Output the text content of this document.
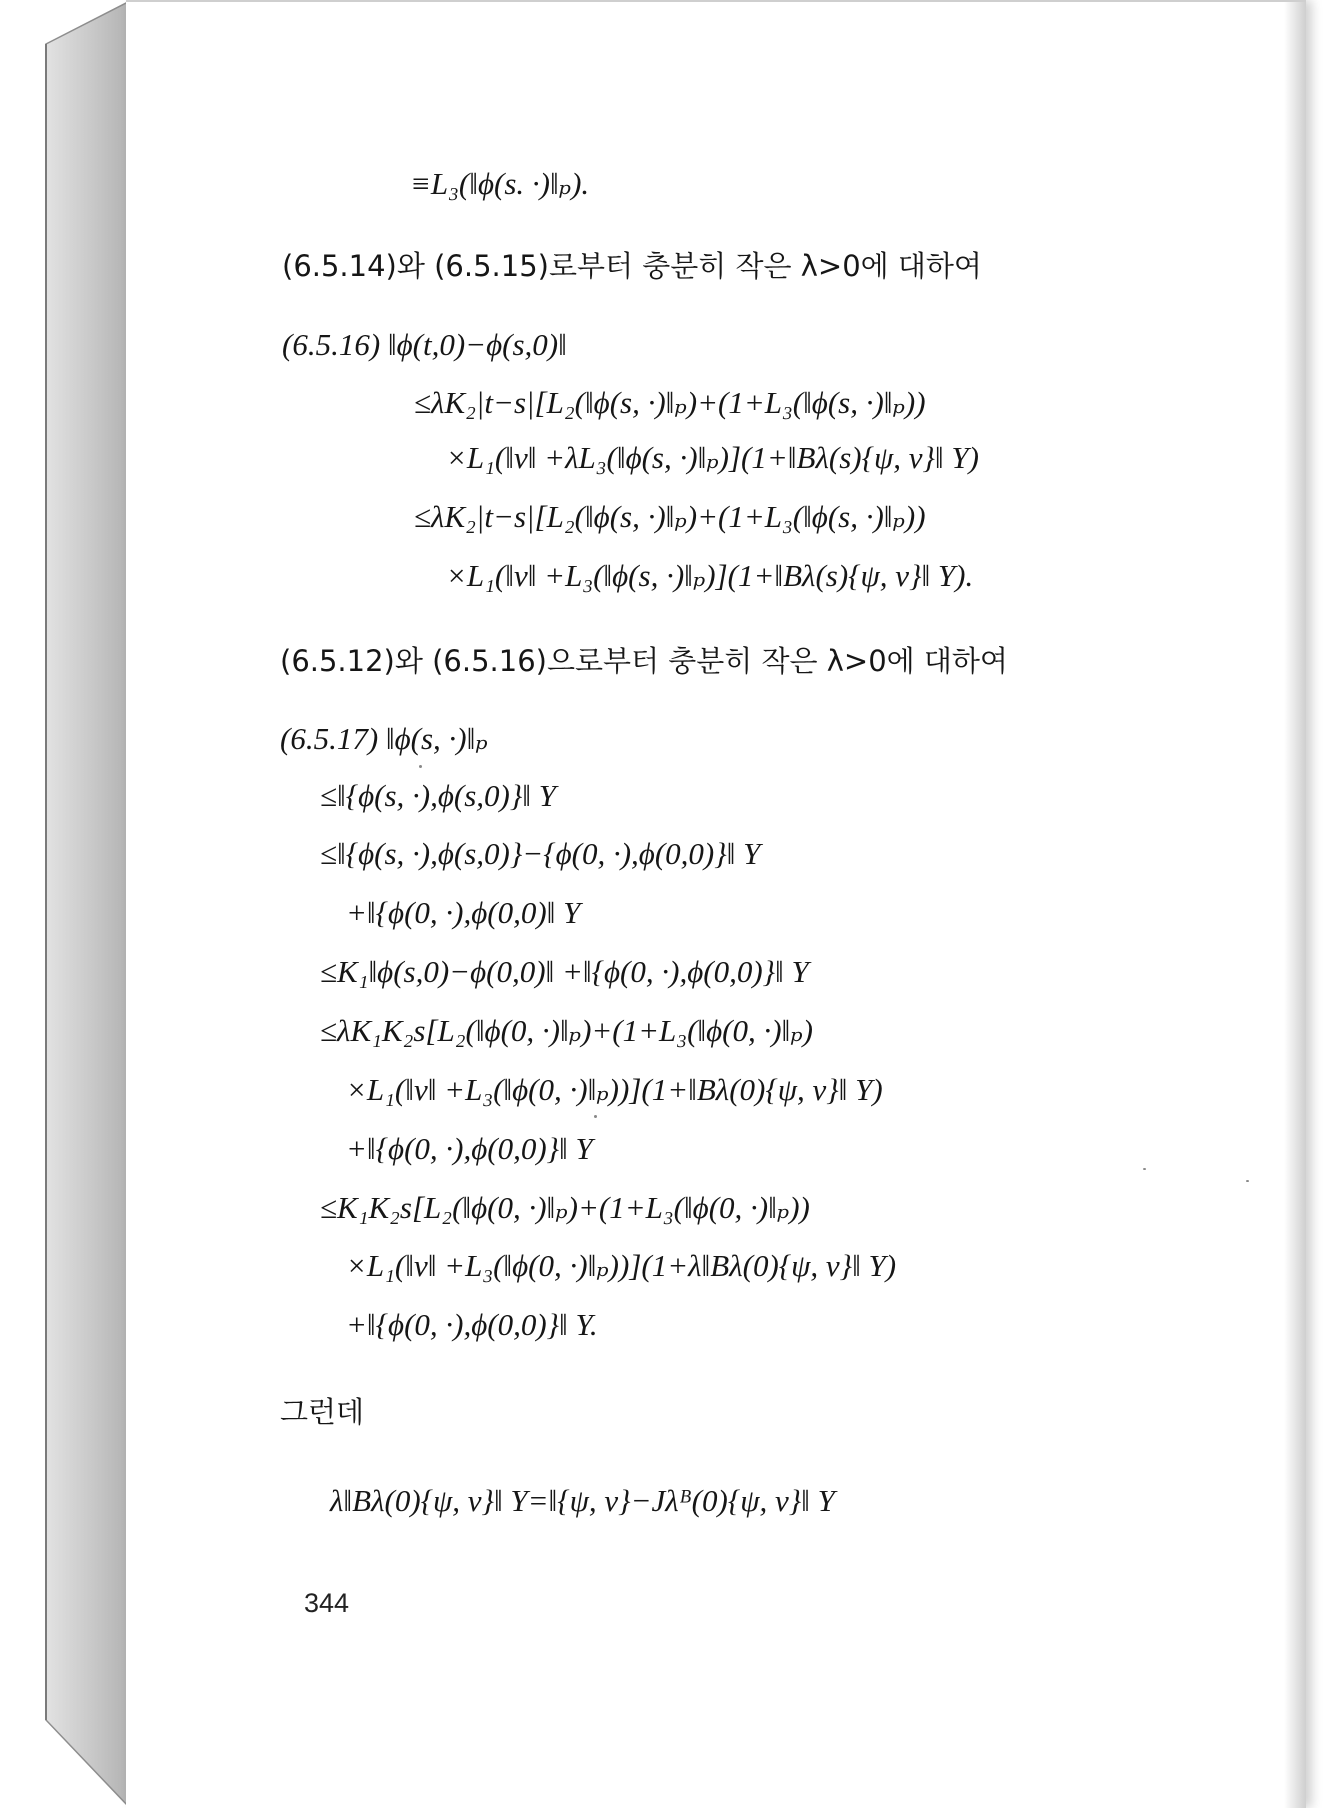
≡L₃(‖ϕ(s. ·)‖ₚ).

(6.5.14)와 (6.5.15)로부터 충분히 작은 λ>0에 대하여

(6.5.16) ‖ϕ(t,0)−ϕ(s,0)‖

≤λK₂|t−s|[L₂(‖ϕ(s, ·)‖ₚ)+(1+L₃(‖ϕ(s, ·)‖ₚ))

×L₁(‖v‖ +λL₃(‖ϕ(s, ·)‖ₚ)](1+‖Bλ(s){ψ, v}‖ Y)

≤λK₂|t−s|[L₂(‖ϕ(s, ·)‖ₚ)+(1+L₃(‖ϕ(s, ·)‖ₚ))

×L₁(‖v‖ +L₃(‖ϕ(s, ·)‖ₚ)](1+‖Bλ(s){ψ, v}‖ Y).

(6.5.12)와 (6.5.16)으로부터 충분히 작은 λ>0에 대하여

(6.5.17) ‖ϕ(s, ·)‖ₚ

≤‖{ϕ(s, ·),ϕ(s,0)}‖ Y

≤‖{ϕ(s, ·),ϕ(s,0)}−{ϕ(0, ·),ϕ(0,0)}‖ Y

+‖{ϕ(0, ·),ϕ(0,0)‖ Y

≤K₁‖ϕ(s,0)−ϕ(0,0)‖ +‖{ϕ(0, ·),ϕ(0,0)}‖ Y

≤λK₁K₂s[L₂(‖ϕ(0, ·)‖ₚ)+(1+L₃(‖ϕ(0, ·)‖ₚ)

×L₁(‖v‖ +L₃(‖ϕ(0, ·)‖ₚ))](1+‖Bλ(0){ψ, v}‖ Y)

+‖{ϕ(0, ·),ϕ(0,0)}‖ Y

≤K₁K₂s[L₂(‖ϕ(0, ·)‖ₚ)+(1+L₃(‖ϕ(0, ·)‖ₚ))

×L₁(‖v‖ +L₃(‖ϕ(0, ·)‖ₚ))](1+λ‖Bλ(0){ψ, v}‖ Y)

+‖{ϕ(0, ·),ϕ(0,0)}‖ Y.

그런데

λ‖Bλ(0){ψ, v}‖ Y=‖{ψ, v}−Jλᴮ(0){ψ, v}‖ Y

344
